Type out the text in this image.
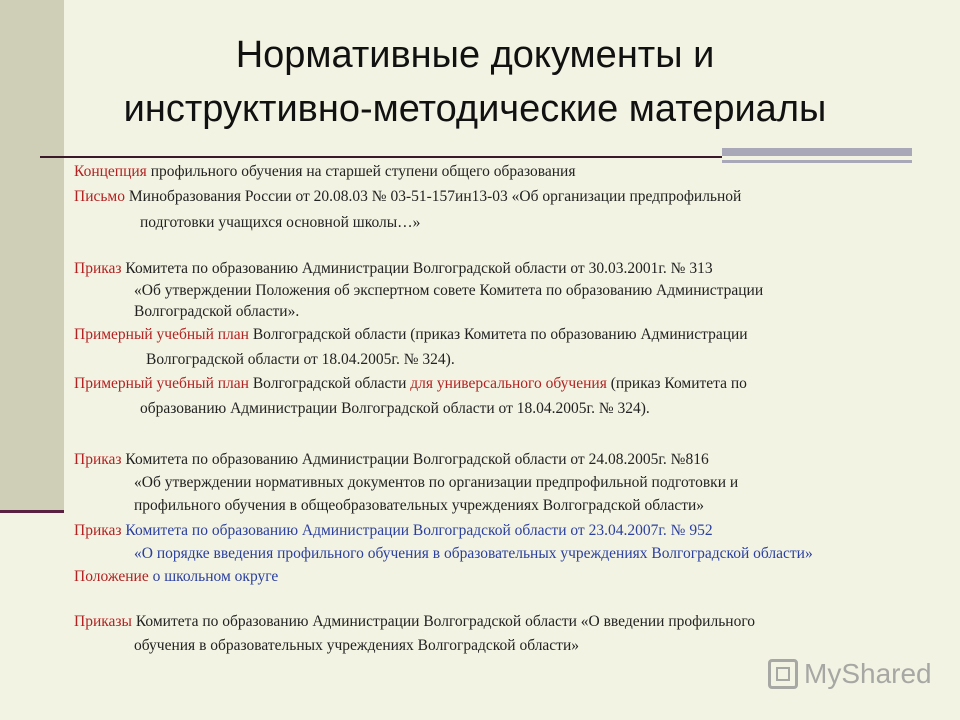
Нормативные документы и
инструктивно-методические материалы
Концепция профильного обучения на старшей ступени общего образования
Письмо Минобразования России от 20.08.03 № 03-51-157ин13-03 «Об организации предпрофильной
подготовки учащихся основной школы…»
Приказ Комитета по образованию Администрации Волгоградской области от 30.03.2001г. № 313
«Об утверждении Положения об экспертном совете Комитета по образованию Администрации
Волгоградской области».
Примерный учебный план Волгоградской области (приказ Комитета по образованию Администрации
Волгоградской области от 18.04.2005г. № 324).
Примерный учебный план Волгоградской области для универсального обучения (приказ Комитета по
образованию Администрации Волгоградской области от 18.04.2005г. № 324).
Приказ Комитета по образованию Администрации Волгоградской области от 24.08.2005г. №816
«Об утверждении нормативных документов по организации предпрофильной подготовки и
профильного обучения в общеобразовательных учреждениях Волгоградской области»
Приказ Комитета по образованию Администрации Волгоградской области от 23.04.2007г. № 952
«О порядке введения профильного обучения в образовательных учреждениях Волгоградской области»
Положение о школьном округе
Приказы Комитета по образованию Администрации Волгоградской области «О введении профильного
обучения в образовательных учреждениях Волгоградской области»
MyShared
